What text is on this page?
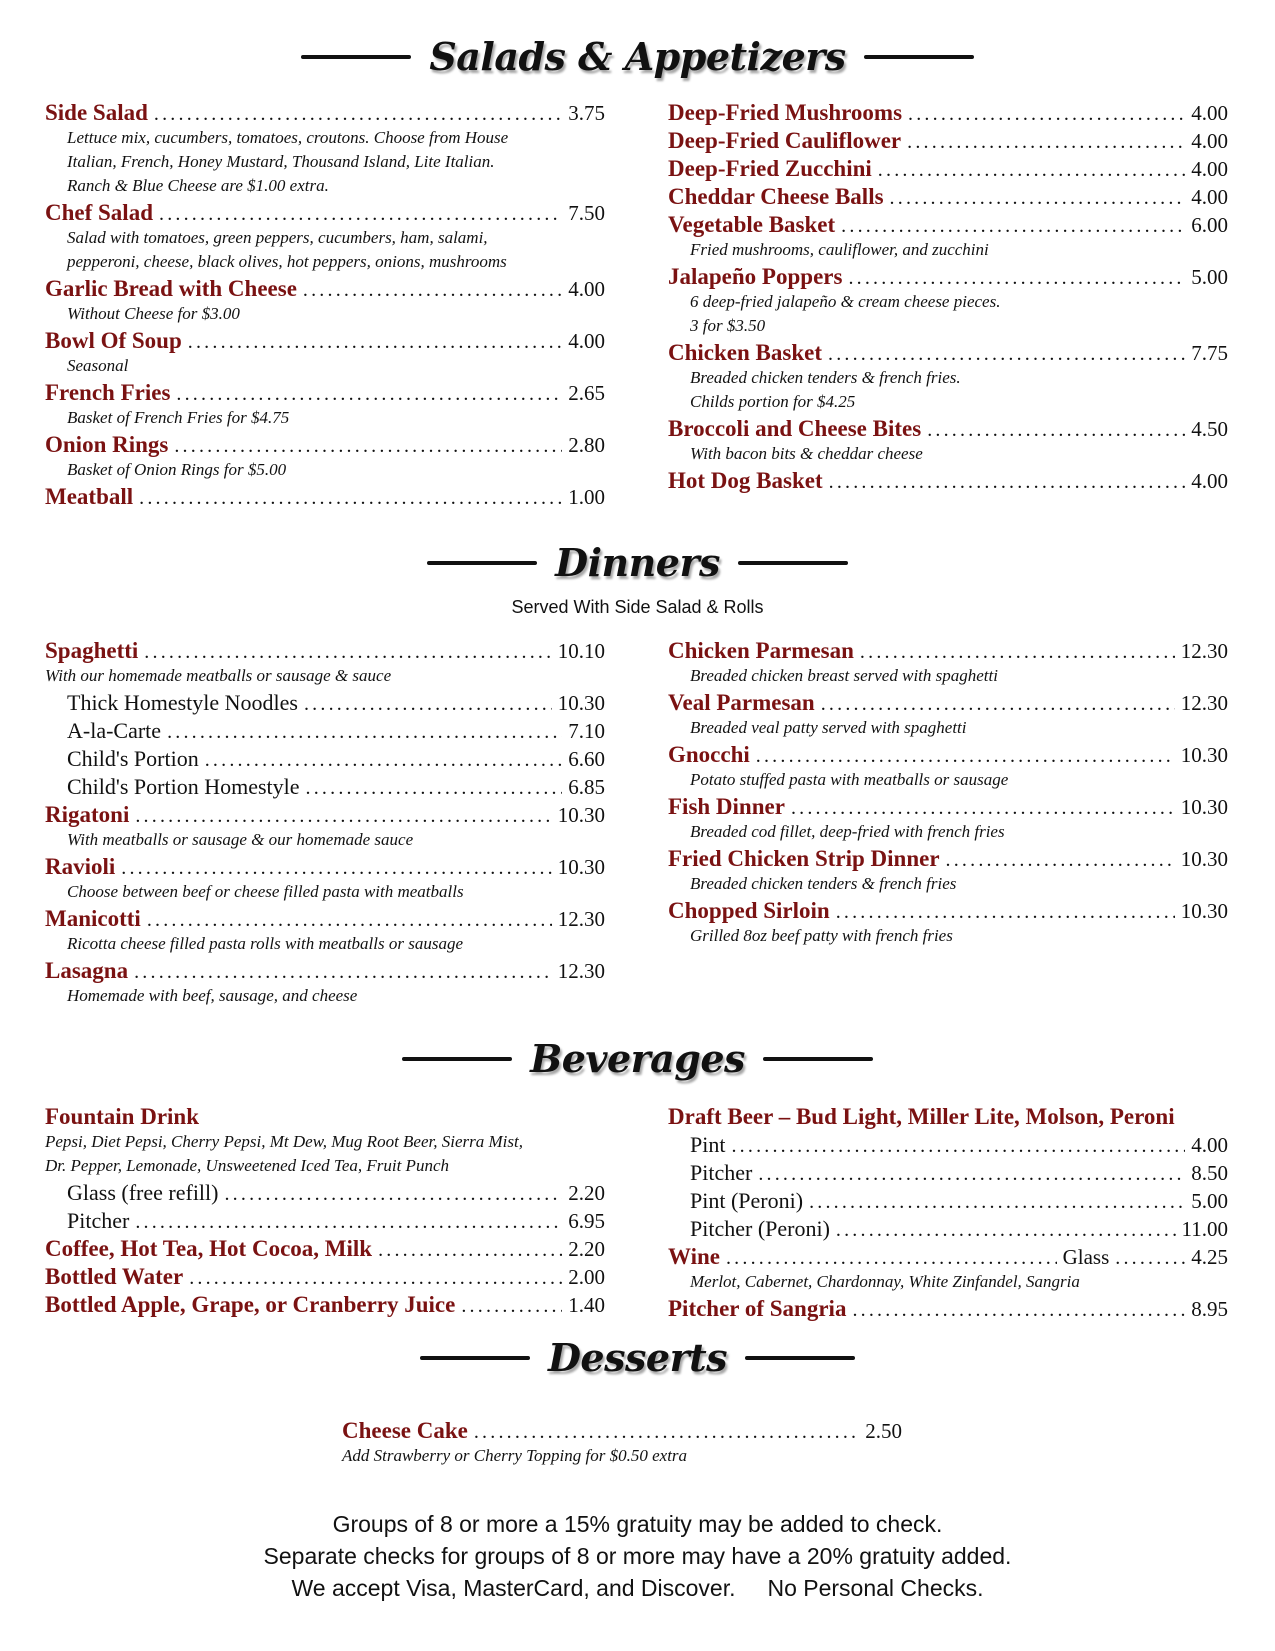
Salads & Appetizers
Side Salad .....	3.75
Lettuce mix, cucumbers, tomatoes, croutons. Choose from House
Italian, French, Honey Mustard, Thousand Island, Lite Italian.
Ranch & Blue Cheese are $1.00 extra.
Chef Salad .....	7.50
Salad with tomatoes, green peppers, cucumbers, ham, salami,
pepperoni, cheese, black olives, hot peppers, onions, mushrooms
Garlic Bread with Cheese .....	4.00
Without Cheese for $3.00
Bowl Of Soup .....	4.00
Seasonal
French Fries .....	2.65
Basket of French Fries for $4.75
Onion Rings .....	2.80
Basket of Onion Rings for $5.00
Meatball .....	1.00
Deep-Fried Mushrooms .....	4.00
Deep-Fried Cauliflower .....	4.00
Deep-Fried Zucchini .....	4.00
Cheddar Cheese Balls .....	4.00
Vegetable Basket .....	6.00
Fried mushrooms, cauliflower, and zucchini
Jalapeño Poppers .....	5.00
6 deep-fried jalapeño & cream cheese pieces.
3 for $3.50
Chicken Basket .....	7.75
Breaded chicken tenders & french fries.
Childs portion for $4.25
Broccoli and Cheese Bites .....	4.50
With bacon bits & cheddar cheese
Hot Dog Basket .....	4.00
Dinners
Served With Side Salad & Rolls
Spaghetti .....	10.10
With our homemade meatballs or sausage & sauce
Thick Homestyle Noodles .....	10.30
A-la-Carte .....	7.10
Child's Portion .....	6.60
Child's Portion Homestyle .....	6.85
Rigatoni .....	10.30
With meatballs or sausage & our homemade sauce
Ravioli .....	10.30
Choose between beef or cheese filled pasta with meatballs
Manicotti .....	12.30
Ricotta cheese filled pasta rolls with meatballs or sausage
Lasagna .....	12.30
Homemade with beef, sausage, and cheese
Chicken Parmesan .....	12.30
Breaded chicken breast served with spaghetti
Veal Parmesan .....	12.30
Breaded veal patty served with spaghetti
Gnocchi .....	10.30
Potato stuffed pasta with meatballs or sausage
Fish Dinner .....	10.30
Breaded cod fillet, deep-fried with french fries
Fried Chicken Strip Dinner .....	10.30
Breaded chicken tenders & french fries
Chopped Sirloin .....	10.30
Grilled 8oz beef patty with french fries
Beverages
Fountain Drink
Pepsi, Diet Pepsi, Cherry Pepsi, Mt Dew, Mug Root Beer, Sierra Mist,
Dr. Pepper, Lemonade, Unsweetened Iced Tea, Fruit Punch
Glass (free refill) .....	2.20
Pitcher .....	6.95
Coffee, Hot Tea, Hot Cocoa, Milk .....	2.20
Bottled Water .....	2.00
Bottled Apple, Grape, or Cranberry Juice .....	1.40
Draft Beer – Bud Light, Miller Lite, Molson, Peroni
Pint .....	4.00
Pitcher .....	8.50
Pint (Peroni) .....	5.00
Pitcher (Peroni) .....	11.00
Wine .....	Glass .....	4.25
Merlot, Cabernet, Chardonnay, White Zinfandel, Sangria
Pitcher of Sangria .....	8.95
Desserts
Cheese Cake .....	2.50
Add Strawberry or Cherry Topping for $0.50 extra
Groups of 8 or more a 15% gratuity may be added to check.
Separate checks for groups of 8 or more may have a 20% gratuity added.
We accept Visa, MasterCard, and Discover.     No Personal Checks.
